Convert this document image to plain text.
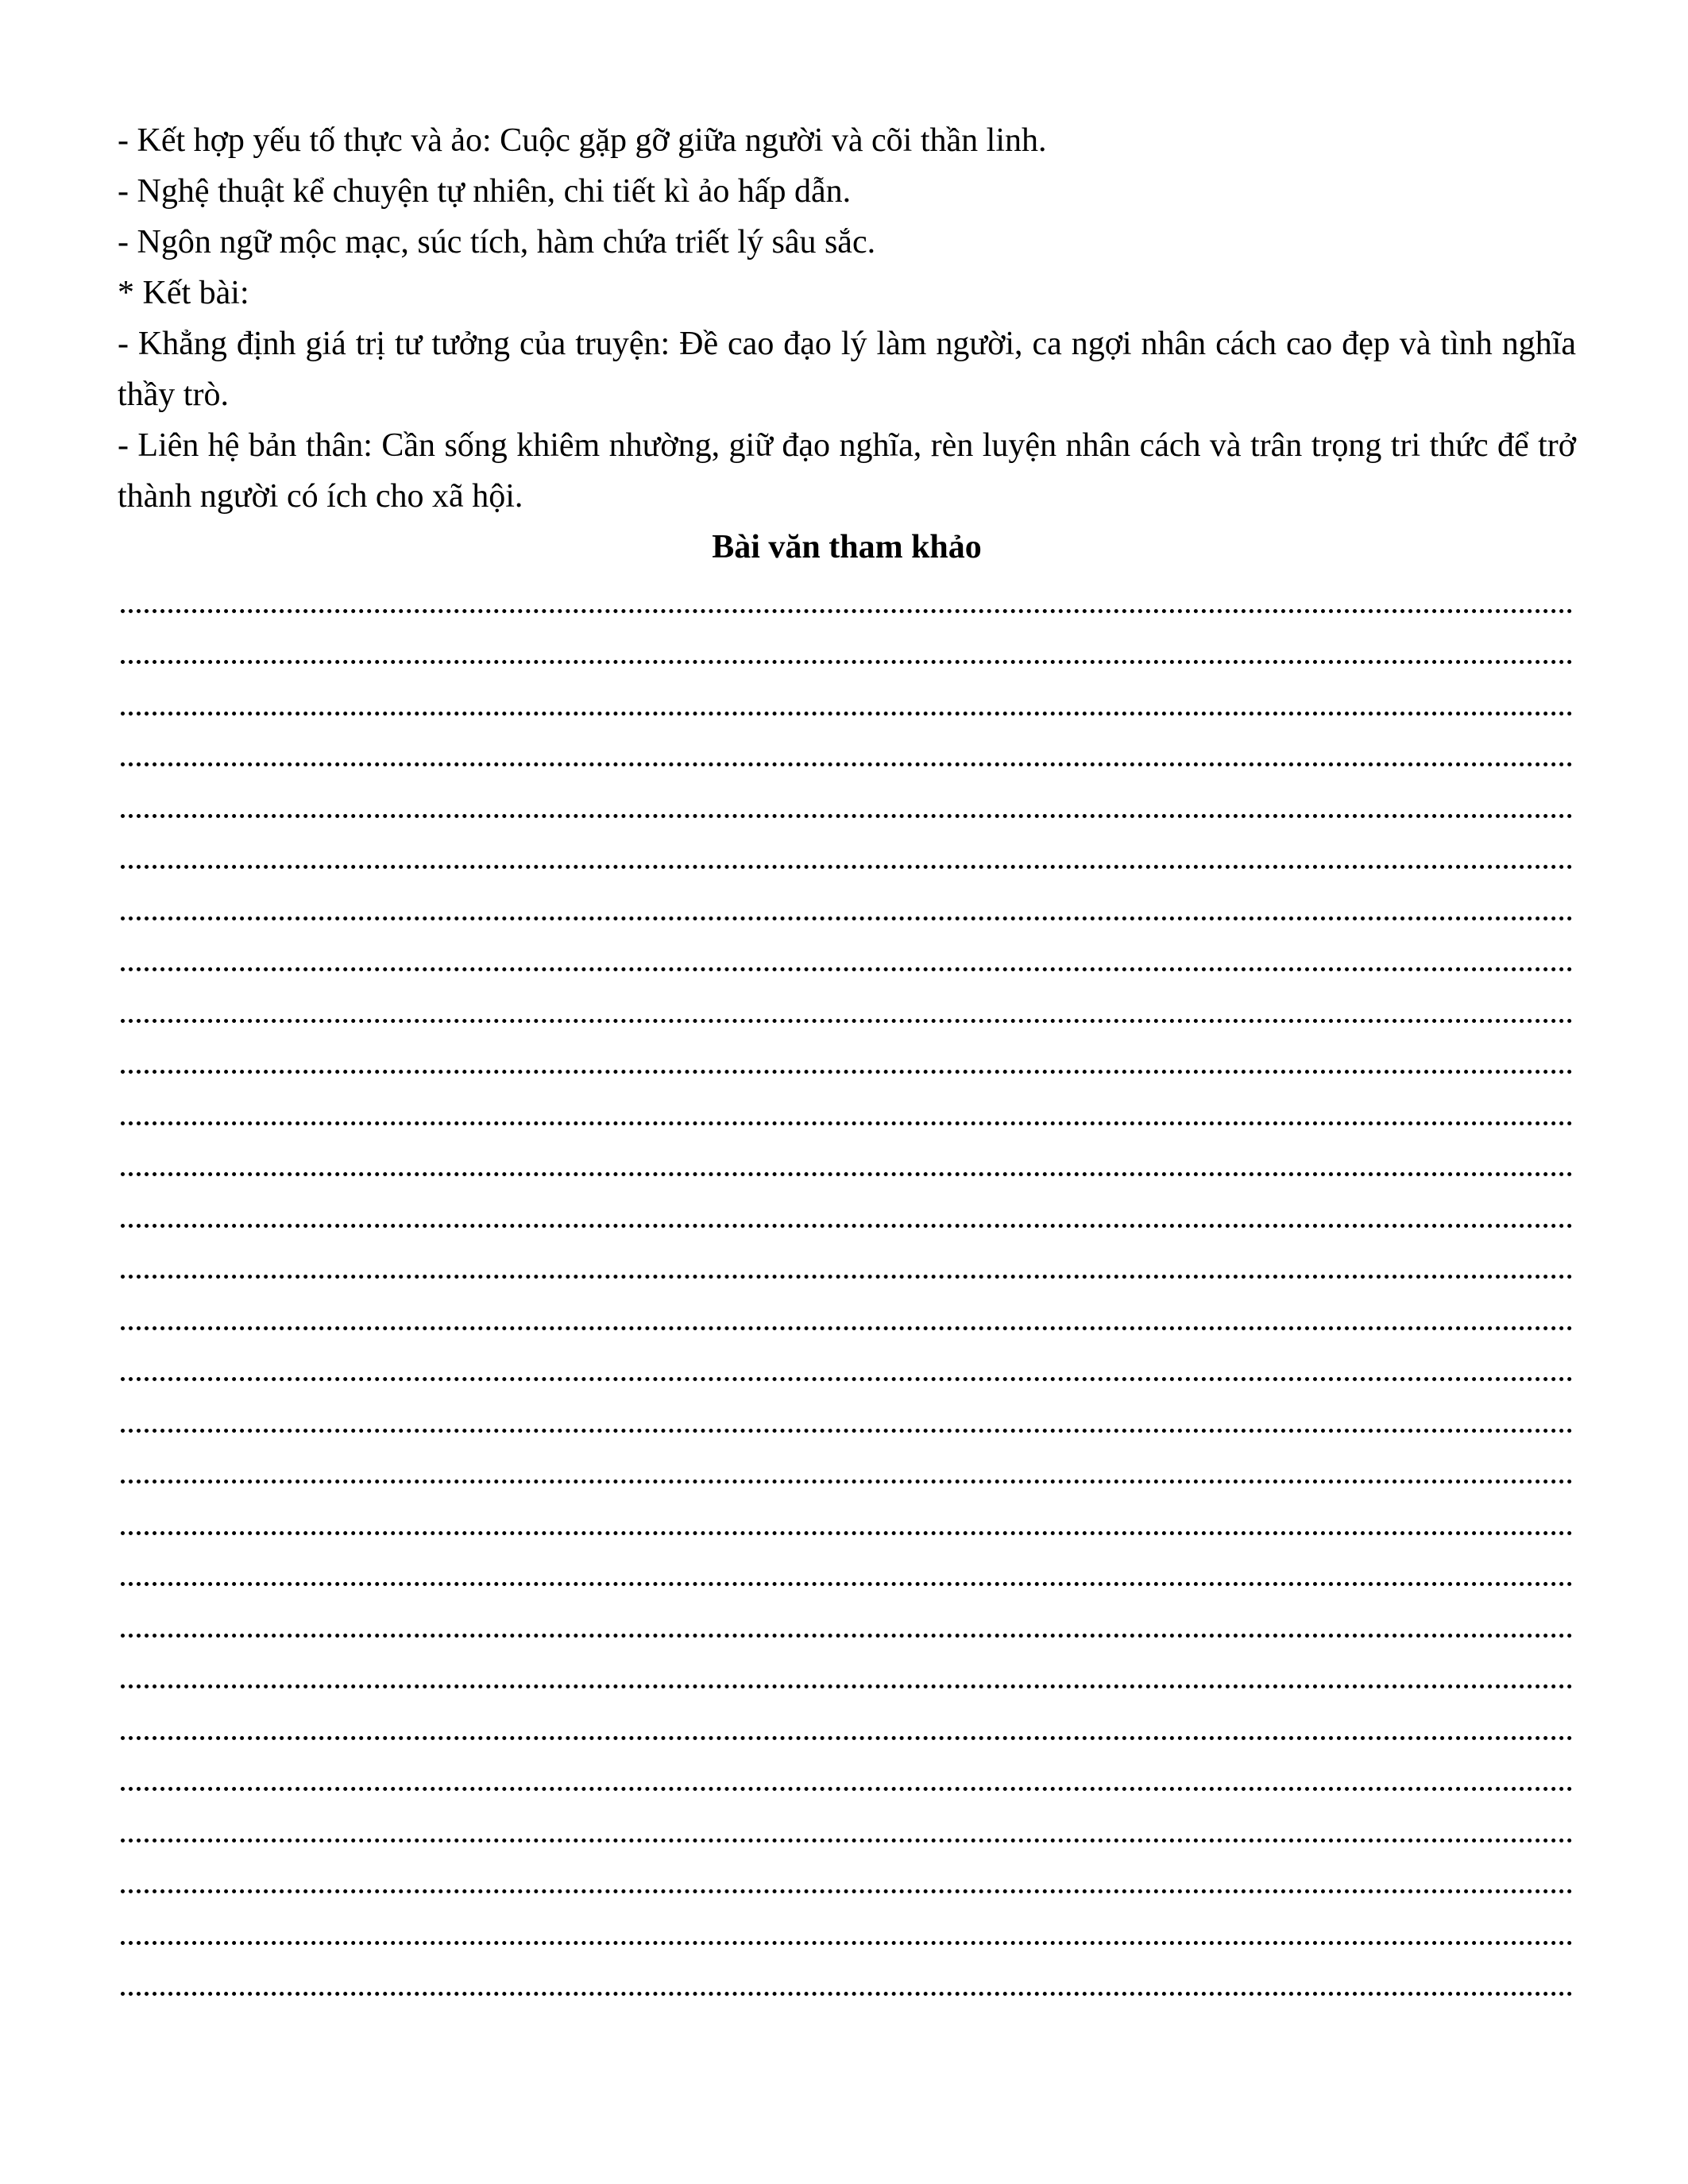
- Kết hợp yếu tố thực và ảo: Cuộc gặp gỡ giữa người và cõi thần linh.
- Nghệ thuật kể chuyện tự nhiên, chi tiết kì ảo hấp dẫn.
- Ngôn ngữ mộc mạc, súc tích, hàm chứa triết lý sâu sắc.
* Kết bài:
- Khẳng định giá trị tư tưởng của truyện: Đề cao đạo lý làm người, ca ngợi nhân cách cao đẹp và tình nghĩa thầy trò.
- Liên hệ bản thân: Cần sống khiêm nhường, giữ đạo nghĩa, rèn luyện nhân cách và trân trọng tri thức để trở thành người có ích cho xã hội.
Bài văn tham khảo
